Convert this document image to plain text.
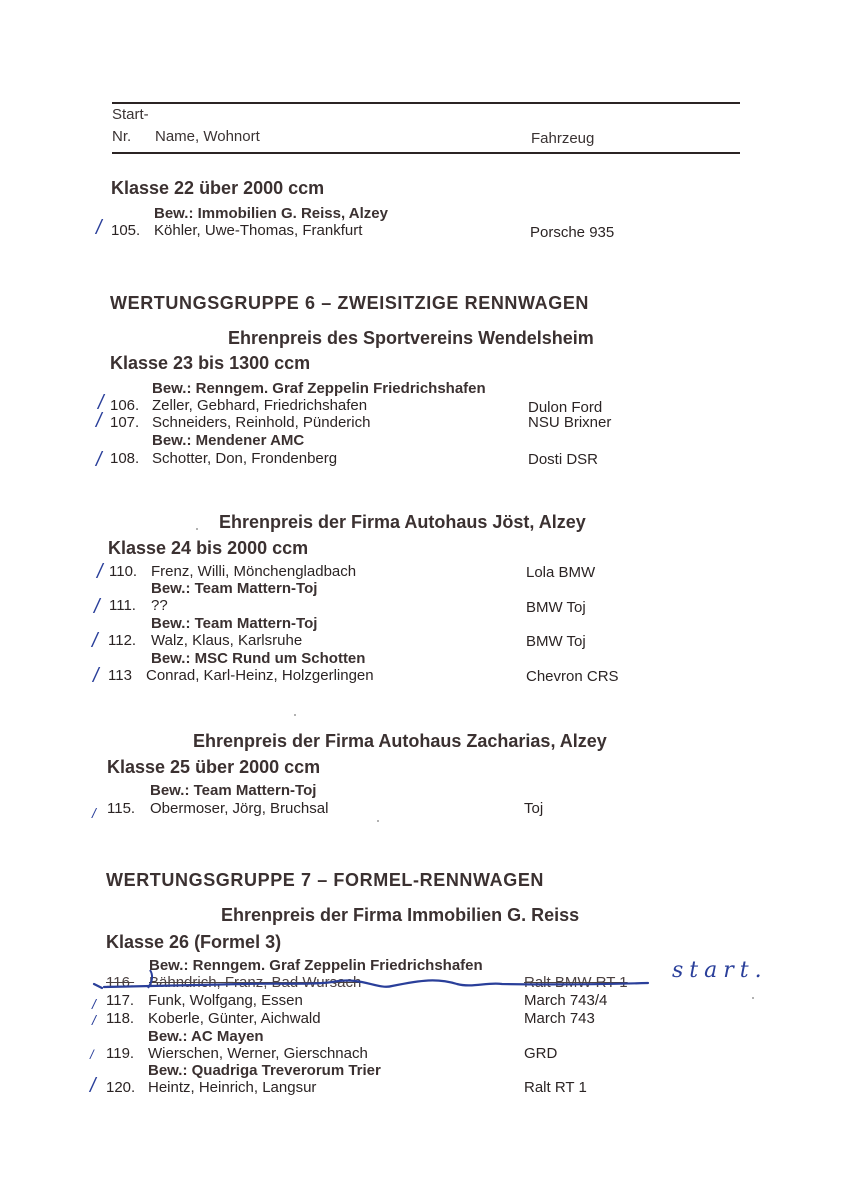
Start-
Nr. Name, Wohnort	Fahrzeug
Klasse 22 über 2000 ccm
Bew.: Immobilien G. Reiss, Alzey
105. Köhler, Uwe-Thomas, Frankfurt	Porsche 935
/
WERTUNGSGRUPPE 6 – ZWEISITZIGE RENNWAGEN
Ehrenpreis des Sportvereins Wendelsheim
Klasse 23 bis 1300 ccm
Bew.: Renngem. Graf Zeppelin Friedrichshafen
106. Zeller, Gebhard, Friedrichshafen	Dulon Ford
/
107. Schneiders, Reinhold, Pünderich	NSU Brixner
/
Bew.: Mendener AMC
108. Schotter, Don, Frondenberg	Dosti DSR
/
Ehrenpreis der Firma Autohaus Jöst, Alzey
Klasse 24 bis 2000 ccm
110. Frenz, Willi, Mönchengladbach	Lola BMW
/
Bew.: Team Mattern-Toj
111. ??	BMW Toj
/
Bew.: Team Mattern-Toj
112. Walz, Klaus, Karlsruhe	BMW Toj
/
Bew.: MSC Rund um Schotten
113 Conrad, Karl-Heinz, Holzgerlingen	Chevron CRS
/
Ehrenpreis der Firma Autohaus Zacharias, Alzey
Klasse 25 über 2000 ccm
Bew.: Team Mattern-Toj
115. Obermoser, Jörg, Bruchsal	Toj
/
WERTUNGSGRUPPE 7 – FORMEL-RENNWAGEN
Ehrenpreis der Firma Immobilien G. Reiss
Klasse 26 (Formel 3)
Bew.: Renngem. Graf Zeppelin Friedrichshafen
116. Bähndrich, Franz, Bad Wursach	Ralt BMW RT 1 start.
117. Funk, Wolfgang, Essen	March 743/4
/
118. Koberle, Günter, Aichwald	March 743
/
Bew.: AC Mayen
119. Wierschen, Werner, Gierschnach	GRD
/
Bew.: Quadriga Treverorum Trier
120. Heintz, Heinrich, Langsur	Ralt RT 1
/
